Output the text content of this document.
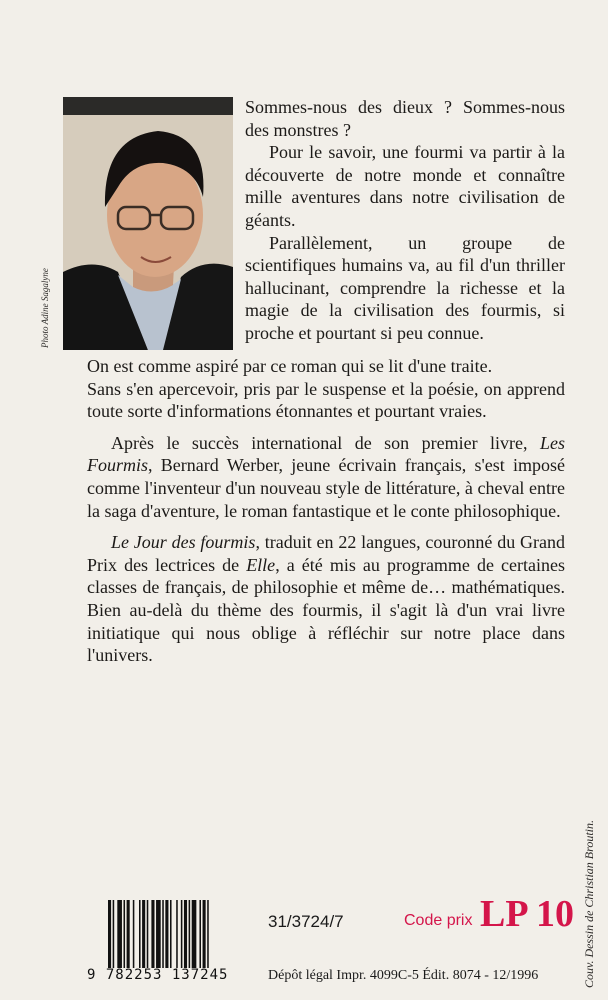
Photo Adine Sagalyne

Sommes-nous des dieux ? Sommes-nous des monstres ?

Pour le savoir, une fourmi va partir à la découverte de notre monde et connaître mille aventures dans notre civilisation de géants.

Parallèlement, un groupe de scientifiques humains va, au fil d'un thriller hallucinant, comprendre la richesse et la magie de la civilisation des fourmis, si proche et pourtant si peu connue.

On est comme aspiré par ce roman qui se lit d'une traite.

Sans s'en apercevoir, pris par le suspense et la poésie, on apprend toute sorte d'informations étonnantes et pourtant vraies.

Après le succès international de son premier livre, Les Fourmis, Bernard Werber, jeune écrivain français, s'est imposé comme l'inventeur d'un nouveau style de littérature, à cheval entre la saga d'aventure, le roman fantastique et le conte philosophique.

Le Jour des fourmis, traduit en 22 langues, couronné du Grand Prix des lectrices de Elle, a été mis au programme de certaines classes de français, de philosophie et même de… mathématiques. Bien au-delà du thème des fourmis, il s'agit là d'un vrai livre initiatique qui nous oblige à réfléchir sur notre place dans l'univers.

9 782253 137245
31/3724/7	Code prix LP 10
Dépôt légal Impr. 4099C-5 Édit. 8074 - 12/1996	Couv. Dessin de Christian Broutin.
